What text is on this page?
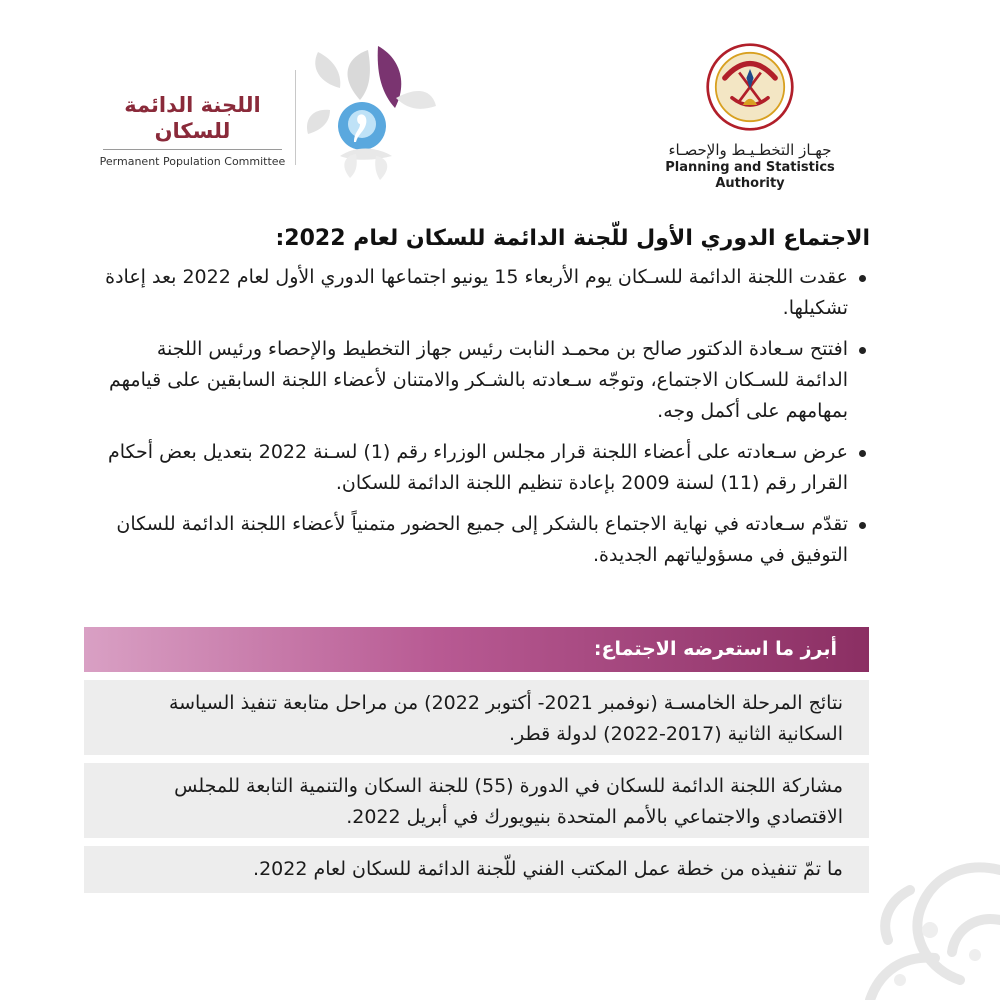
جهـاز التخطـيـط والإحصـاء
Planning and Statistics Authority
اللجنة الدائمة للسكان
Permanent Population Committee
الاجتماع الدوري الأول للّجنة الدائمة للسكان لعام 2022:
عقدت اللجنة الدائمة للسـكان يوم الأربعاء 15 يونيو اجتماعها الدوري الأول لعام 2022 بعد إعادة تشكيلها.
افتتح سـعادة الدكتور صالح بن محمـد النابت رئيس جهاز التخطيط والإحصاء ورئيس اللجنة الدائمة للسـكان الاجتماع، وتوجّه سـعادته بالشـكر والامتنان لأعضاء اللجنة السابقين على قيامهم بمهامهم على أكمل وجه.
عرض سـعادته على أعضاء اللجنة قرار مجلس الوزراء رقم (1) لسـنة 2022 بتعديل بعض أحكام القرار رقم (11) لسنة 2009 بإعادة تنظيم اللجنة الدائمة للسكان.
تقدّم سـعادته في نهاية الاجتماع بالشكر إلى جميع الحضور متمنياً لأعضاء اللجنة الدائمة للسكان التوفيق في مسؤولياتهم الجديدة.
أبرز ما استعرضه الاجتماع:
نتائج المرحلة الخامسـة (نوفمبر 2021- أكتوبر 2022) من مراحل متابعة تنفيذ السياسة السكانية الثانية (2017-2022) لدولة قطر.
مشاركة اللجنة الدائمة للسكان في الدورة (55) للجنة السكان والتنمية التابعة للمجلس الاقتصادي والاجتماعي بالأمم المتحدة بنيويورك في أبريل 2022.
ما تمّ تنفيذه من خطة عمل المكتب الفني للّجنة الدائمة للسكان لعام 2022.
